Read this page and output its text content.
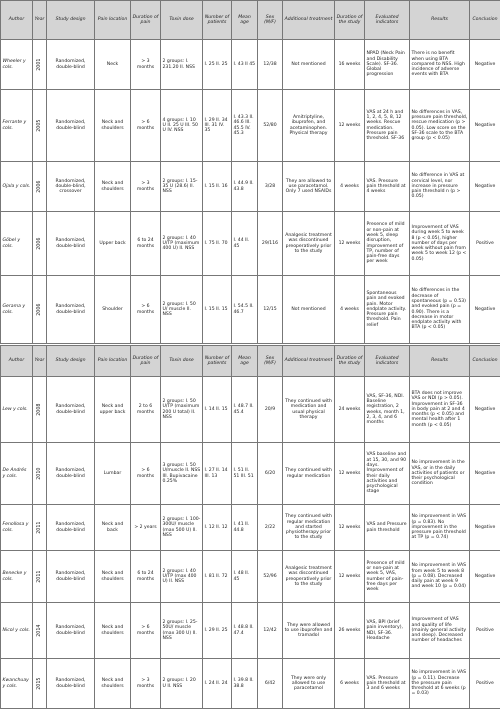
Author	Year	Study design	Pain location	Duration of pain	Toxin dose	Number of patients	Mean age	Sex (M/F)	Additional treatment	Duration of the study	Evaluated indicators	Results	Conclusion
Wheeler y cols.	2001	Randomized, double-blind	Neck	> 3 months	2 groups: I. 231.20 II. NSS	I. 25 II. 25	I. 43 II 45	12/38	Not mentioned	16 weeks	NPAD (Neck Pain and Disability Scale). SF-36. Global progression	There is no benefit when using BTA compared to NSS. High incidence of adverse events with BTA	Negative
Ferrante y cols.	2005	Randomized, double-blind	Neck and shoulders	> 6 months	4 groups: I. 10 U II. 25 U III. 50 U IV. NSS	I. 29 II. 34 III. 31 IV. 35	I. 43.3 II. 46.6 III. 45.5 IV. 45.3	52/80	Amitriptyline, ibuprofen, and acetaminophen. Physical therapy	12 weeks	VAS at 24 h and 1, 2, 4, 5, 8, 12 weeks. Rescue medication. Pressure pain threshold. SF-36	No differences in VAS, pressure pain threshold, rescue medication (p > 0.05). Low score on the SF-36 scale to the BTA group (p < 0.05)	Negative
Ojala y cols.	2006	Randomized, double-blind, crossover	Neck and shoulders	> 3 months	2 groups: I. 15-35 U (28.6) II. NSS	I. 15 II. 16	I. 44.9 II. 43.8	3/28	They are allowed to use paracetamol. Only 7 used NSAIDs	4 weeks	VAS. Pressure pain threshold at 4 weeks	No difference in VAS at cervical level, nor increase in pressure pain threshold n (p > 0.05)	Negative
Göbel y cols.	2006	Randomized, double-blind	Upper back	6 to 24 months	2 groups: I. 40 U/TP (maximum 400 U) II. NSS	I. 75 II. 70	I. 44 II. 45	29/116	Analgesic treatment was discontinued preoperatively prior to the study	12 weeks	Presence of mild or non-pain at week 5, sleep disruption, improvement of TP, number of pain-free days per week	Improvement of VAS during week 5 to week 8 (p < 0.05), higher number of days per week without pain from week 5 to week 12 (p < 0.05)	Positive
Gerama y cols.	2006	Randomized, double-blind	Shoulder	> 6 months	2 groups: I. 50 U/ muscle II. NSS	I. 15 II. 15	I. 54.5 II. 46.7	12/15	Not mentioned	4 weeks	Spontaneous pain and evoked pain. Motor endplate activity. Pressure pain threshold. Pain relief	No differences in the decrease of spontaneous (p = 0.53) and evoked pain (p = 0.90). There is a decrease in motor endplate activity with BTA (p < 0.05)	Negative
Author	Year	Study design	Pain location	Duration of pain	Toxin dose	Number of patients	Mean age	Sex (M/F)	Additional treatment	Duration of the study	Evaluated indicators	Results	Conclusion
Lew y cols.	2008	Randomized, double-blind	Neck and upper back	2 to 6 months	2 groups: I. 50 U/TP (maximum 200 U total) II. NSS	I. 14 II. 15	I. 48.7 II. 45.4	20/9	They continued with medication and usual physical therapy	24 weeks	VAS, SF-36, NDI. Baseline registration, 2 weeks, month 1, 2, 3, 4, and 6 months	BTA does not improve VAS or NDI (p > 0.05). Improvement in SF-36 in body pain at 2 and 4 months (p < 0.05) and mental health after 1 month (p < 0.05)	Negative
De Andrés y cols.	2010	Randomized, double-blind	Lumbar	> 6 months	3 groups: I. 50 U/muscle II. NSS III. Bupivacaine 0.25%	I. 27 II. 14 III. 13	I. 51 II. 51 III. 51	6/20	They continued with regular medication	12 weeks	VAS baseline and at 15, 30, and 90 days. Improvement of their daily activities and psychological stage	No improvement in the VAS, or in the daily activities of patients or their psychological condition	Negative
Fenollosa y cols.	2011	Randomized, double-blind	Neck and back	> 2 years	2 groups: I. 100-300U/ muscle (max 500 U) II. NSS	I. 12 II. 12	I. 41 II. 44.8	2/22	They continued with regular medication and started physiotherapy prior to the study	12 weeks	VAS and Pressure pain threshold	No improvement in VAS (p = 0.83). No improvement in the pressure pain threshold at TP (p = 0.74)	Negative
Benecke y cols.	2011	Randomized, double-blind	Neck and shoulders	6 to 24 months	2 groups: I. 40 U/TP (max 400 U) II. NSS	I. 81 II. 72	I. 48 II. 45	52/96	Analgesic treatment was discontinued preoperatively prior to the study	12 weeks	Presence of mild or non-pain at week 5, VAS, number of pain-free days per week	No improvement in VAS from week 5 to week 8 (p = 0.08). Decreased daily pain at week 9 and week 10 (p = 0.04)	Negative
Nicol y cols.	2014	Randomized, double-blind	Neck and shoulders	> 6 months	2 groups: I. 25-50U/ muscle (max 300 U) II. NSS	I. 29 II. 25	I. 48.8 II. 47.4	12/42	They were allowed to use ibuprofen and tramadol	26 weeks	VAS, BPI (brief pain inventory), NDI, SF-36. Headache	Improvement of VAS and quality of life (mainly general activity and sleep). Decreased number of headaches	Positive
Kwanchuay y cols.	2015	Randomized, double-blind	Neck and shoulders	> 3 months	2 groups: I. 20 U II. NSS	I. 24 II. 24	I. 39.8 II. 38.8	6/42	They were only allowed to use paracetamol	6 weeks	VAS. Pressure pain threshold at 3 and 6 weeks	No improvement in VAS (p = 0.11). Decrease the pressure pain threshold at 6 weeks (p = 0.03)	Positive
